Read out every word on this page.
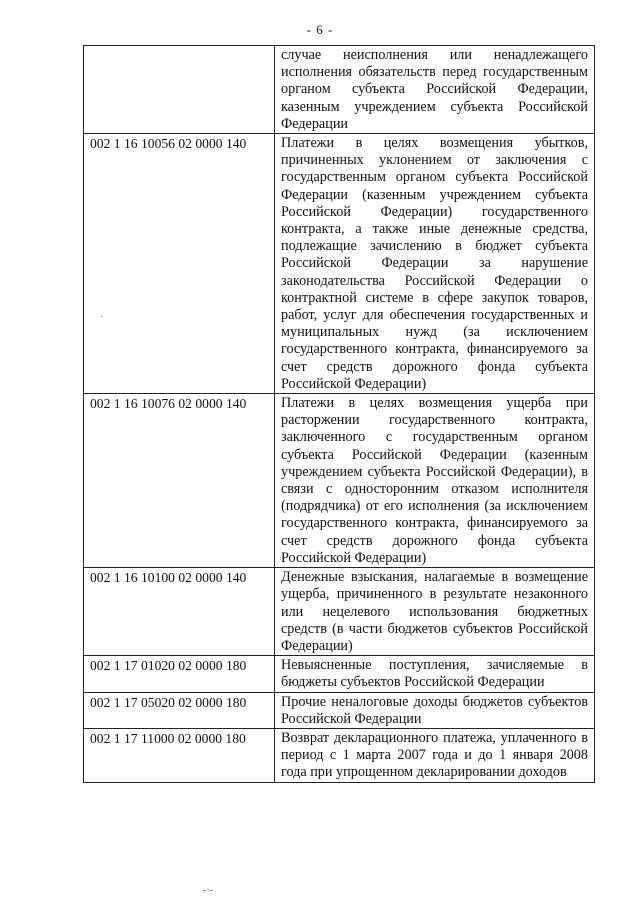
- 6 -
	случае неисполнения или ненадлежащего исполнения обязательств перед государственным органом субъекта Российской Федерации, казенным учреждением субъекта Российской Федерации
002 1 16 10056 02 0000 140	Платежи в целях возмещения убытков, причиненных уклонением от заключения с государственным органом субъекта Российской Федерации (казенным учреждением субъекта Российской Федерации) государственного контракта, а также иные денежные средства, подлежащие зачислению в бюджет субъекта Российской Федерации за нарушение законодательства Российской Федерации о контрактной системе в сфере закупок товаров, работ, услуг для обеспечения государственных и муниципальных нужд (за исключением государственного контракта, финансируемого за счет средств дорожного фонда субъекта Российской Федерации)
002 1 16 10076 02 0000 140	Платежи в целях возмещения ущерба при расторжении государственного контракта, заключенного с государственным органом субъекта Российской Федерации (казенным учреждением субъекта Российской Федерации), в связи с односторонним отказом исполнителя (подрядчика) от его исполнения (за исключением государственного контракта, финансируемого за счет средств дорожного фонда субъекта Российской Федерации)
002 1 16 10100 02 0000 140	Денежные взыскания, налагаемые в возмещение ущерба, причиненного в результате незаконного или нецелевого использования бюджетных средств (в части бюджетов субъектов Российской Федерации)
002 1 17 01020 02 0000 180	Невыясненные поступления, зачисляемые в бюджеты субъектов Российской Федерации
002 1 17 05020 02 0000 180	Прочие неналоговые доходы бюджетов субъектов Российской Федерации
002 1 17 11000 02 0000 180	Возврат декларационного платежа, уплаченного в период с 1 марта 2007 года и до 1 января 2008 года при упрощенном декларировании доходов
·
-·-
